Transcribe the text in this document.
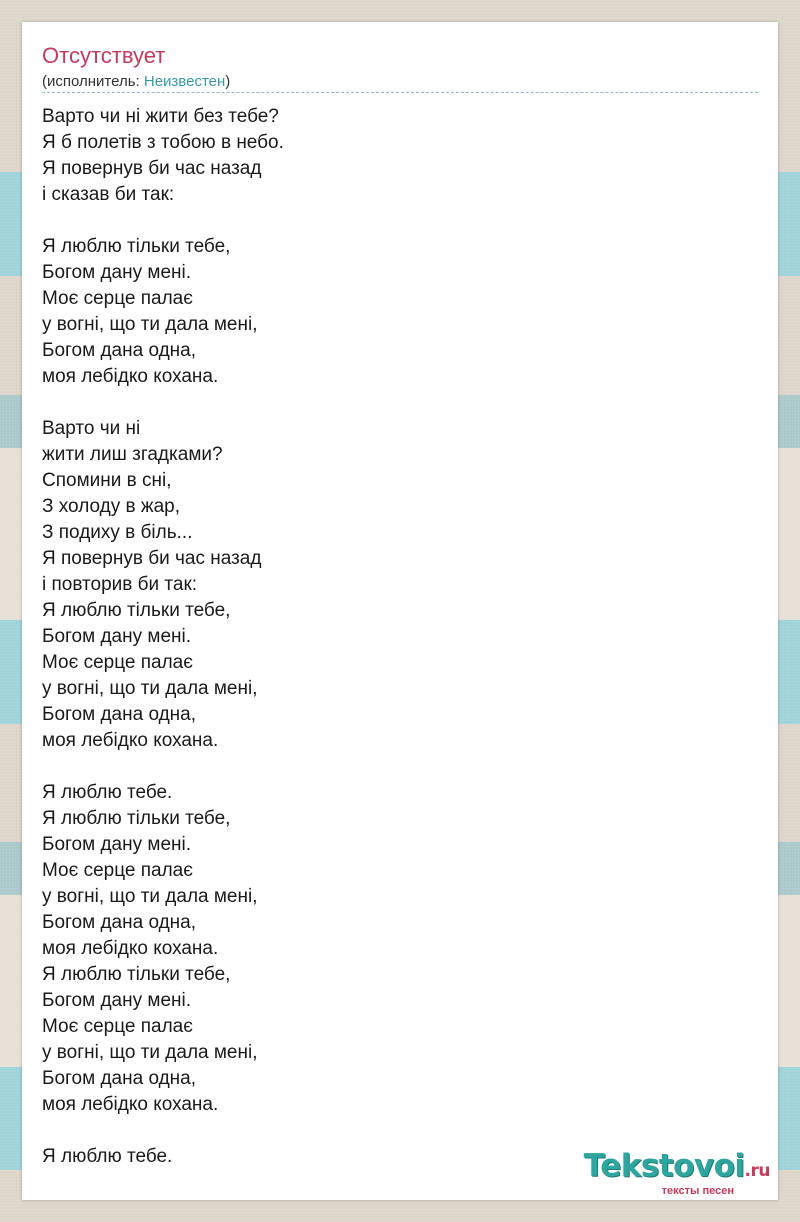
Отсутствует
(исполнитель: Неизвестен)
Варто чи ні жити без тебе?
Я б полетів з тобою в небо.
Я повернув би час назад
і сказав би так:
Я люблю тільки тебе,
Богом дану мені.
Моє серце палає
у вогні, що ти дала мені,
Богом дана одна,
моя лебідко кохана.
Варто чи ні
жити лиш згадками?
Спомини в сні,
З холоду в жар,
З подиху в біль...
Я повернув би час назад
і повторив би так:
Я люблю тільки тебе,
Богом дану мені.
Моє серце палає
у вогні, що ти дала мені,
Богом дана одна,
моя лебідко кохана.
Я люблю тебе.
Я люблю тільки тебе,
Богом дану мені.
Моє серце палає
у вогні, що ти дала мені,
Богом дана одна,
моя лебідко кохана.
Я люблю тільки тебе,
Богом дану мені.
Моє серце палає
у вогні, що ти дала мені,
Богом дана одна,
моя лебідко кохана.
Я люблю тебе.	Tekstovoi.ru
тексты песен
